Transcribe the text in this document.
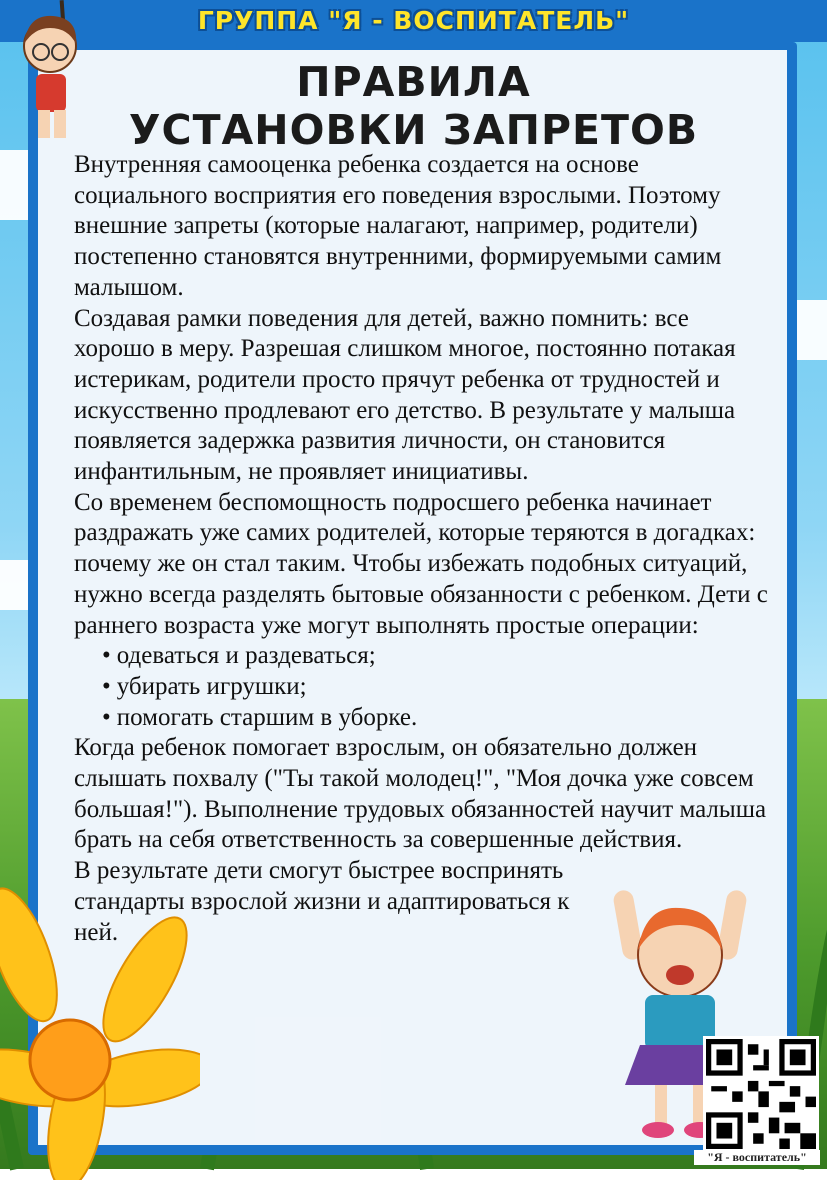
ГРУППА "Я - ВОСПИТАТЕЛЬ"
ПРАВИЛА
УСТАНОВКИ ЗАПРЕТОВ

Внутренняя самооценка ребенка создается на основе социального восприятия его поведения взрослыми. Поэтому внешние запреты (которые налагают, например, родители) постепенно становятся внутренними, формируемыми самим малышом.

Создавая рамки поведения для детей, важно помнить: все хорошо в меру. Разрешая слишком многое, постоянно потакая истерикам, родители просто прячут ребенка от трудностей и искусственно продлевают его детство. В результате у малыша появляется задержка развития личности, он становится инфантильным, не проявляет инициативы.

Со временем беспомощность подросшего ребенка начинает раздражать уже самих родителей, которые теряются в догадках: почему же он стал таким. Чтобы избежать подобных ситуаций, нужно всегда разделять бытовые обязанности с ребенком. Дети с раннего возраста уже могут выполнять простые операции:

• одеваться и раздеваться;
• убирать игрушки;
• помогать старшим в уборке.

Когда ребенок помогает взрослым, он обязательно должен слышать похвалу ("Ты такой молодец!", "Моя дочка уже совсем большая!"). Выполнение трудовых обязанностей научит малыша брать на себя ответственность за совершенные действия.

В результате дети смогут быстрее воспринять стандарты взрослой жизни и адаптироваться к ней.

"Я - воспитатель"
